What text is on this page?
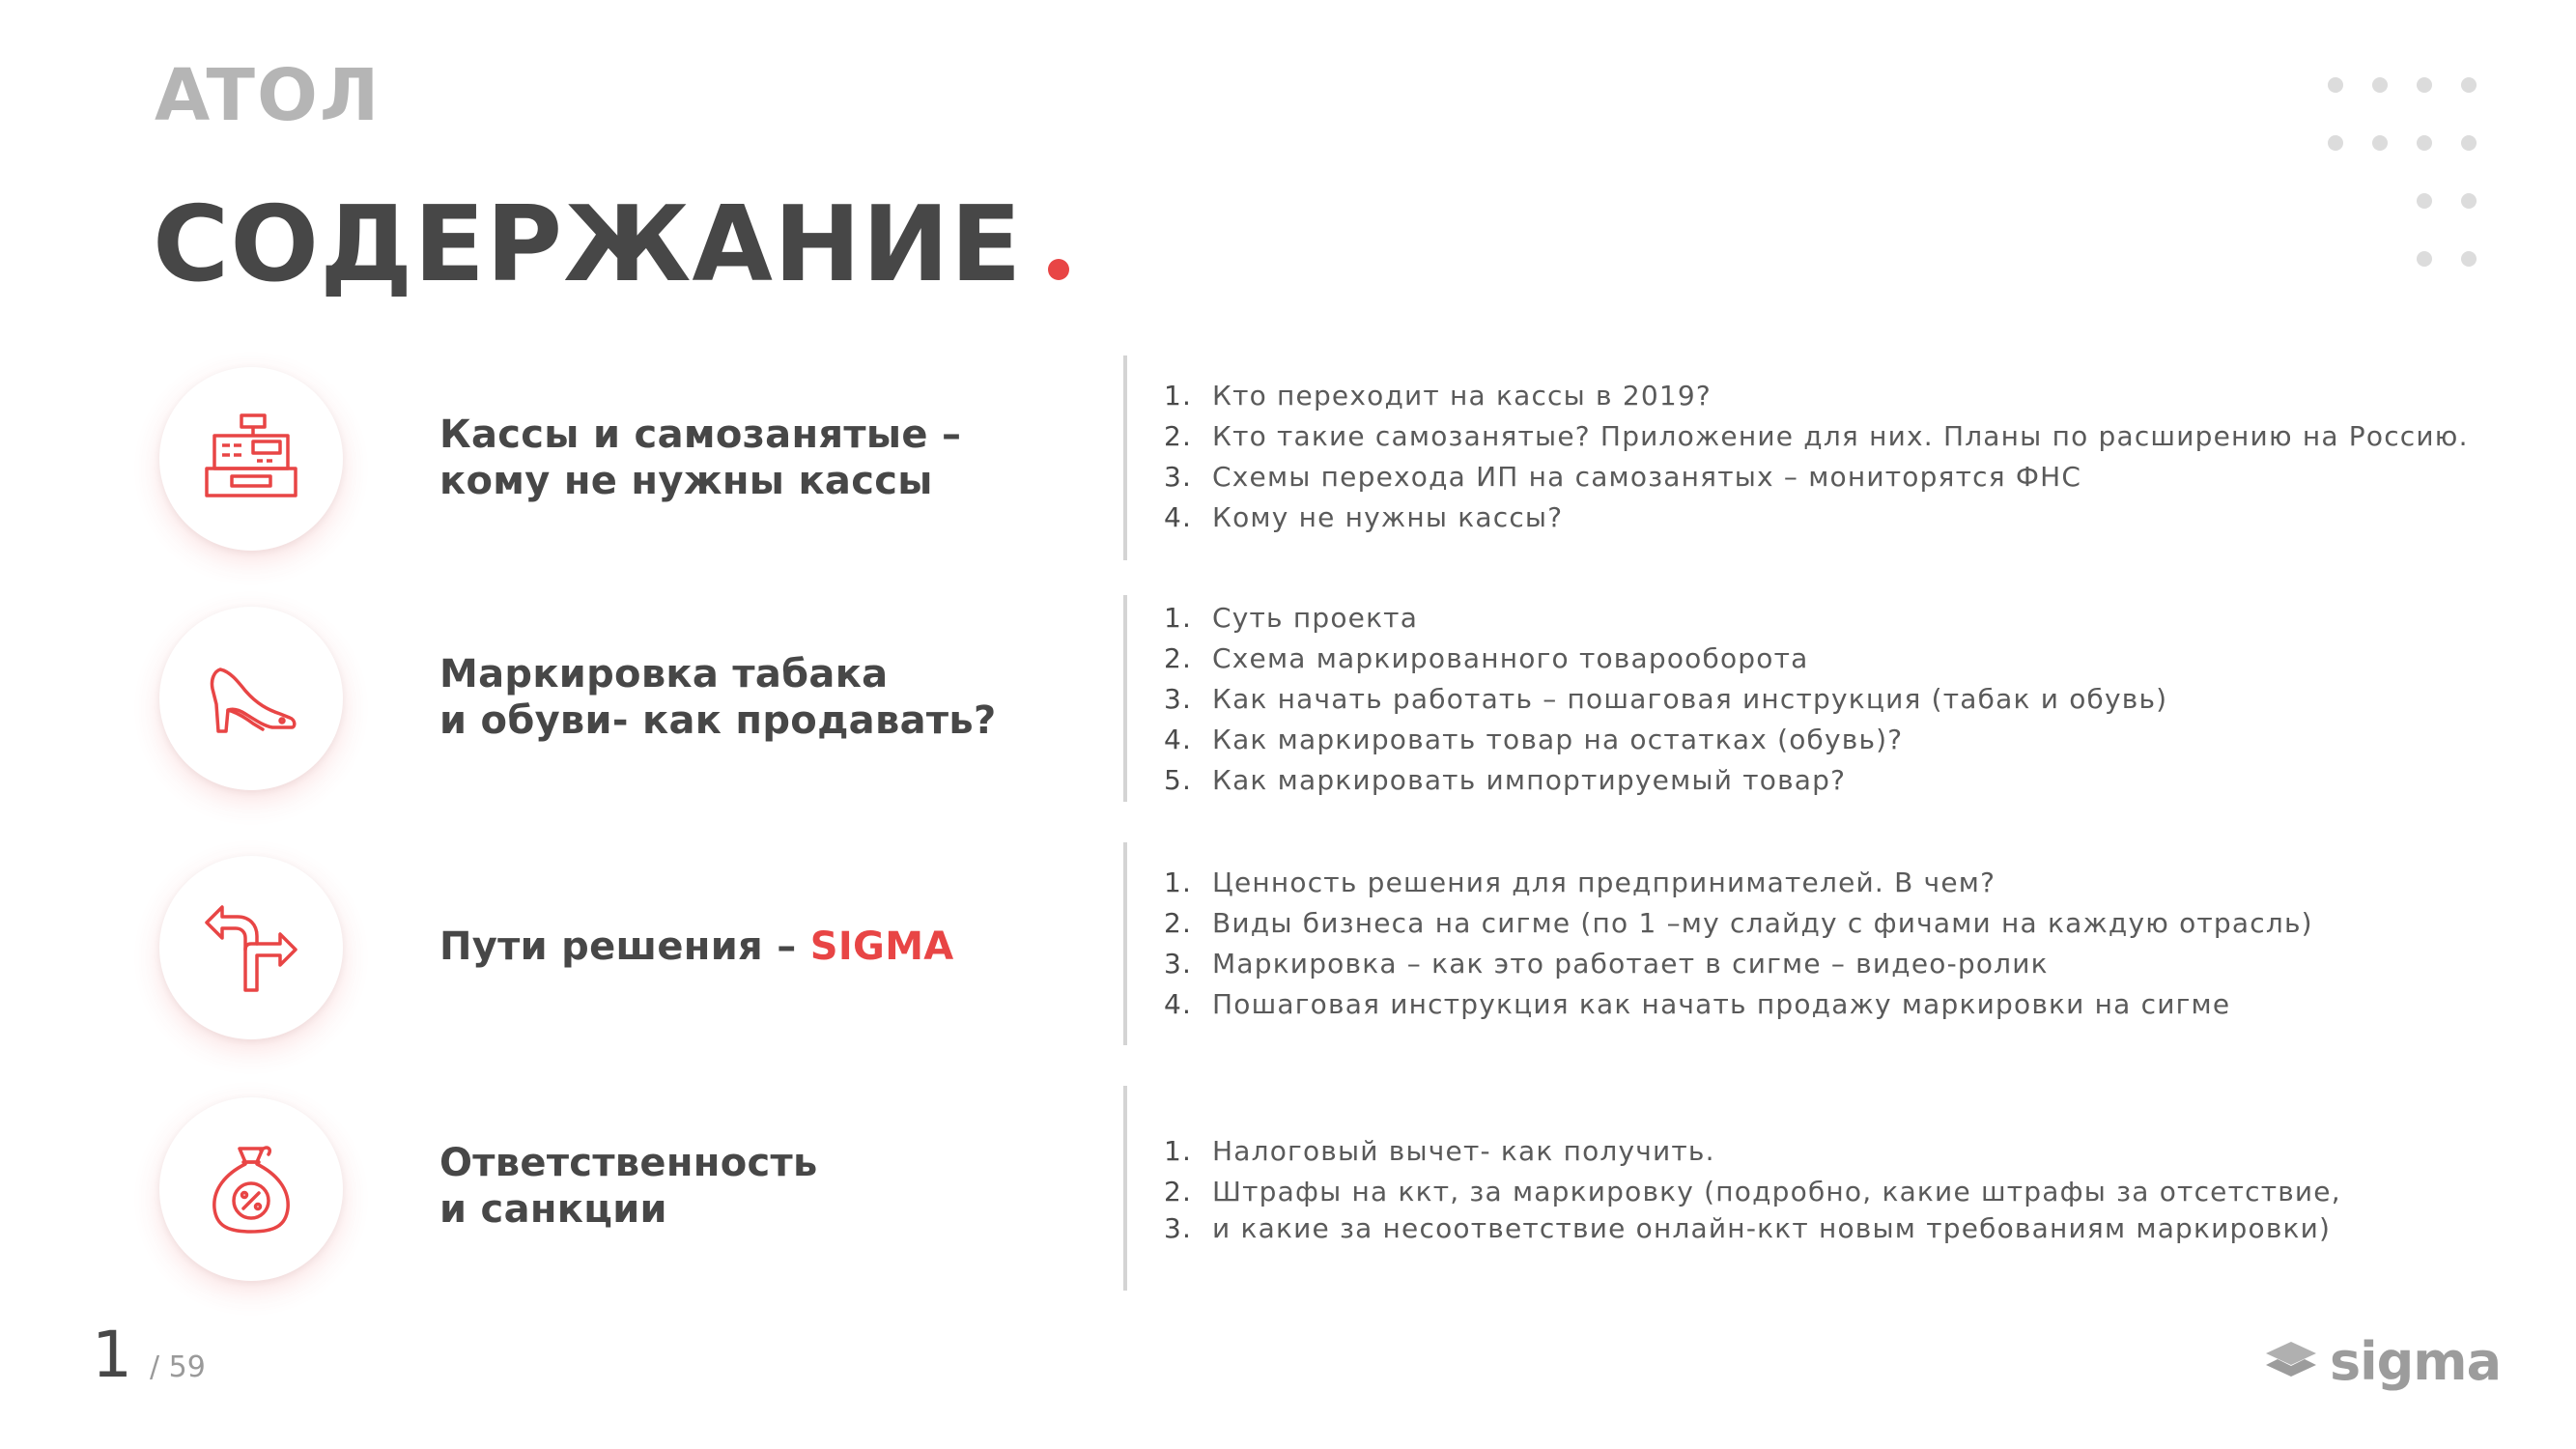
ATOЛ
СОДЕРЖАНИЕ
Кассы и самозанятые –
кому не нужны кассы
1. Кто переходит на кассы в 2019?
2. Кто такие самозанятые? Приложение для них. Планы по расширению на Россию.
3. Схемы перехода ИП на самозанятых – мониторятся ФНС
4. Кому не нужны кассы?
Маркировка табака
и обуви- как продавать?
1. Суть проекта
2. Схема маркированного товарооборота
3. Как начать работать – пошаговая инструкция (табак и обувь)
4. Как маркировать товар на остатках (обувь)?
5. Как маркировать импортируемый товар?
Пути решения – SIGMA
1. Ценность решения для предпринимателей. В чем?
2. Виды бизнеса на сигме (по 1 –му слайду с фичами на каждую отрасль)
3. Маркировка – как это работает в сигме – видео-ролик
4. Пошаговая инструкция как начать продажу маркировки на сигме
Ответственность
и санкции
1. Налоговый вычет- как получить.
2. Штрафы на ккт, за маркировку (подробно, какие штрафы за отсетствие,
3. и какие за несоответствие онлайн-ккт новым требованиям маркировки)
1 / 59	sigma
